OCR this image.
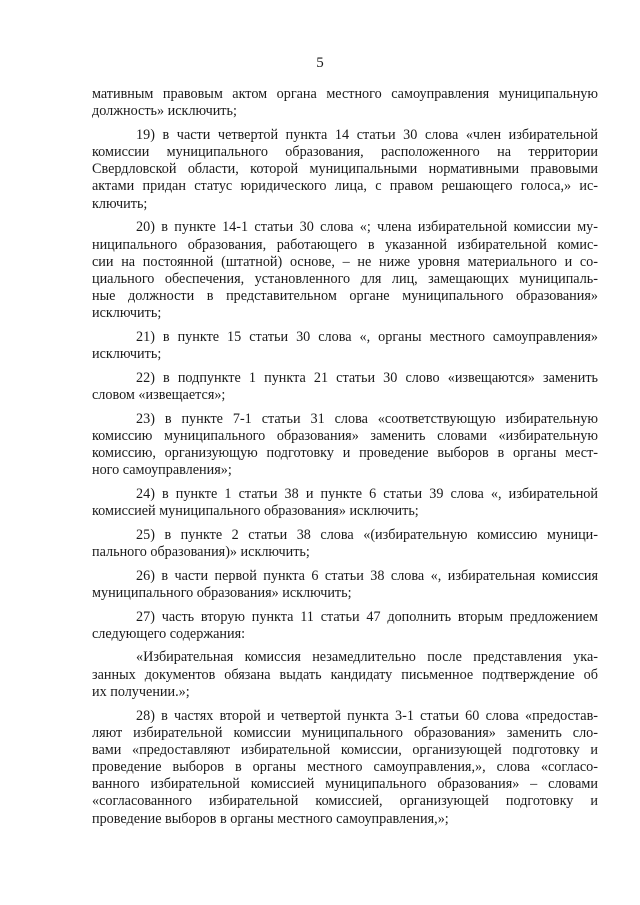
5
мативным правовым актом органа местного самоуправления муниципальную
должность» исключить;
19) в части четвертой пункта 14 статьи 30 слова «член избирательной
комиссии муниципального образования, расположенного на территории
Свердловской области, которой муниципальными нормативными правовыми
актами придан статус юридического лица, с правом решающего голоса,» ис-
ключить;
20) в пункте 14-1 статьи 30 слова «; члена избирательной комиссии му-
ниципального образования, работающего в указанной избирательной комис-
сии на постоянной (штатной) основе, – не ниже уровня материального и со-
циального обеспечения, установленного для лиц, замещающих муниципаль-
ные должности в представительном органе муниципального образования»
исключить;
21) в пункте 15 статьи 30 слова «, органы местного самоуправления»
исключить;
22) в подпункте 1 пункта 21 статьи 30 слово «извещаются» заменить
словом «извещается»;
23) в пункте 7-1 статьи 31 слова «соответствующую избирательную
комиссию муниципального образования» заменить словами «избирательную
комиссию, организующую подготовку и проведение выборов в органы мест-
ного самоуправления»;
24) в пункте 1 статьи 38 и пункте 6 статьи 39 слова «, избирательной
комиссией муниципального образования» исключить;
25) в пункте 2 статьи 38 слова «(избирательную комиссию муници-
пального образования)» исключить;
26) в части первой пункта 6 статьи 38 слова «, избирательная комиссия
муниципального образования» исключить;
27) часть вторую пункта 11 статьи 47 дополнить вторым предложением
следующего содержания:
«Избирательная комиссия незамедлительно после представления ука-
занных документов обязана выдать кандидату письменное подтверждение об
их получении.»;
28) в частях второй и четвертой пункта 3-1 статьи 60 слова «предостав-
ляют избирательной комиссии муниципального образования» заменить сло-
вами «предоставляют избирательной комиссии, организующей подготовку и
проведение выборов в органы местного самоуправления,», слова «согласо-
ванного избирательной комиссией муниципального образования» – словами
«согласованного избирательной комиссией, организующей подготовку и
проведение выборов в органы местного самоуправления,»;
